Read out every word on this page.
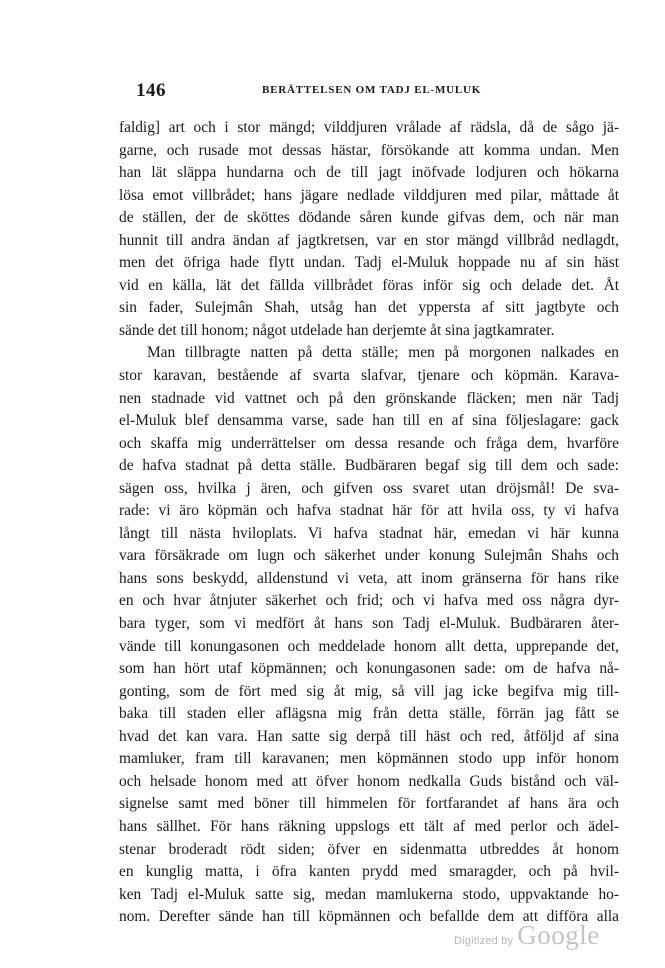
146	BERÄTTELSEN OM TADJ EL-MULUK
faldig] art och i stor mängd; vilddjuren vrålade af rädsla, då de sågo jä-
garne, och rusade mot dessas hästar, försökande att komma undan. Men
han lät släppa hundarna och de till jagt inöfvade lodjuren och hökarna
lösa emot villbrådet; hans jägare nedlade vilddjuren med pilar, måttade åt
de ställen, der de sköttes dödande såren kunde gifvas dem, och när man
hunnit till andra ändan af jagtkretsen, var en stor mängd villbråd nedlagdt,
men det öfriga hade flytt undan. Tadj el-Muluk hoppade nu af sin häst
vid en källa, lät det fällda villbrådet föras inför sig och delade det. Åt
sin fader, Sulejmân Shah, utsåg han det yppersta af sitt jagtbyte och
sände det till honom; något utdelade han derjemte åt sina jagtkamrater.
Man tillbragte natten på detta ställe; men på morgonen nalkades en
stor karavan, bestående af svarta slafvar, tjenare och köpmän. Karava-
nen stadnade vid vattnet och på den grönskande fläcken; men när Tadj
el-Muluk blef densamma varse, sade han till en af sina följeslagare: gack
och skaffa mig underrättelser om dessa resande och fråga dem, hvarföre
de hafva stadnat på detta ställe. Budbäraren begaf sig till dem och sade:
sägen oss, hvilka j ären, och gifven oss svaret utan dröjsmål! De sva-
rade: vi äro köpmän och hafva stadnat här för att hvila oss, ty vi hafva
långt till nästa hviloplats. Vi hafva stadnat här, emedan vi här kunna
vara försäkrade om lugn och säkerhet under konung Sulejmân Shahs och
hans sons beskydd, alldenstund vi veta, att inom gränserna för hans rike
en och hvar åtnjuter säkerhet och frid; och vi hafva med oss några dyr-
bara tyger, som vi medfört åt hans son Tadj el-Muluk. Budbäraren åter-
vände till konungasonen och meddelade honom allt detta, upprepande det,
som han hört utaf köpmännen; och konungasonen sade: om de hafva nå-
gonting, som de fört med sig åt mig, så vill jag icke begifva mig till-
baka till staden eller aflägsna mig från detta ställe, förrän jag fått se
hvad det kan vara. Han satte sig derpå till häst och red, åtföljd af sina
mamluker, fram till karavanen; men köpmännen stodo upp inför honom
och helsade honom med att öfver honom nedkalla Guds bistånd och väl-
signelse samt med böner till himmelen för fortfarandet af hans ära och
hans sällhet. För hans räkning uppslogs ett tält af med perlor och ädel-
stenar broderadt rödt siden; öfver en sidenmatta utbreddes åt honom
en kunglig matta, i öfra kanten prydd med smaragder, och på hvil-
ken Tadj el-Muluk satte sig, medan mamlukerna stodo, uppvaktande ho-
nom. Derefter sände han till köpmännen och befallde dem att difföra alla
Digitized by Google
